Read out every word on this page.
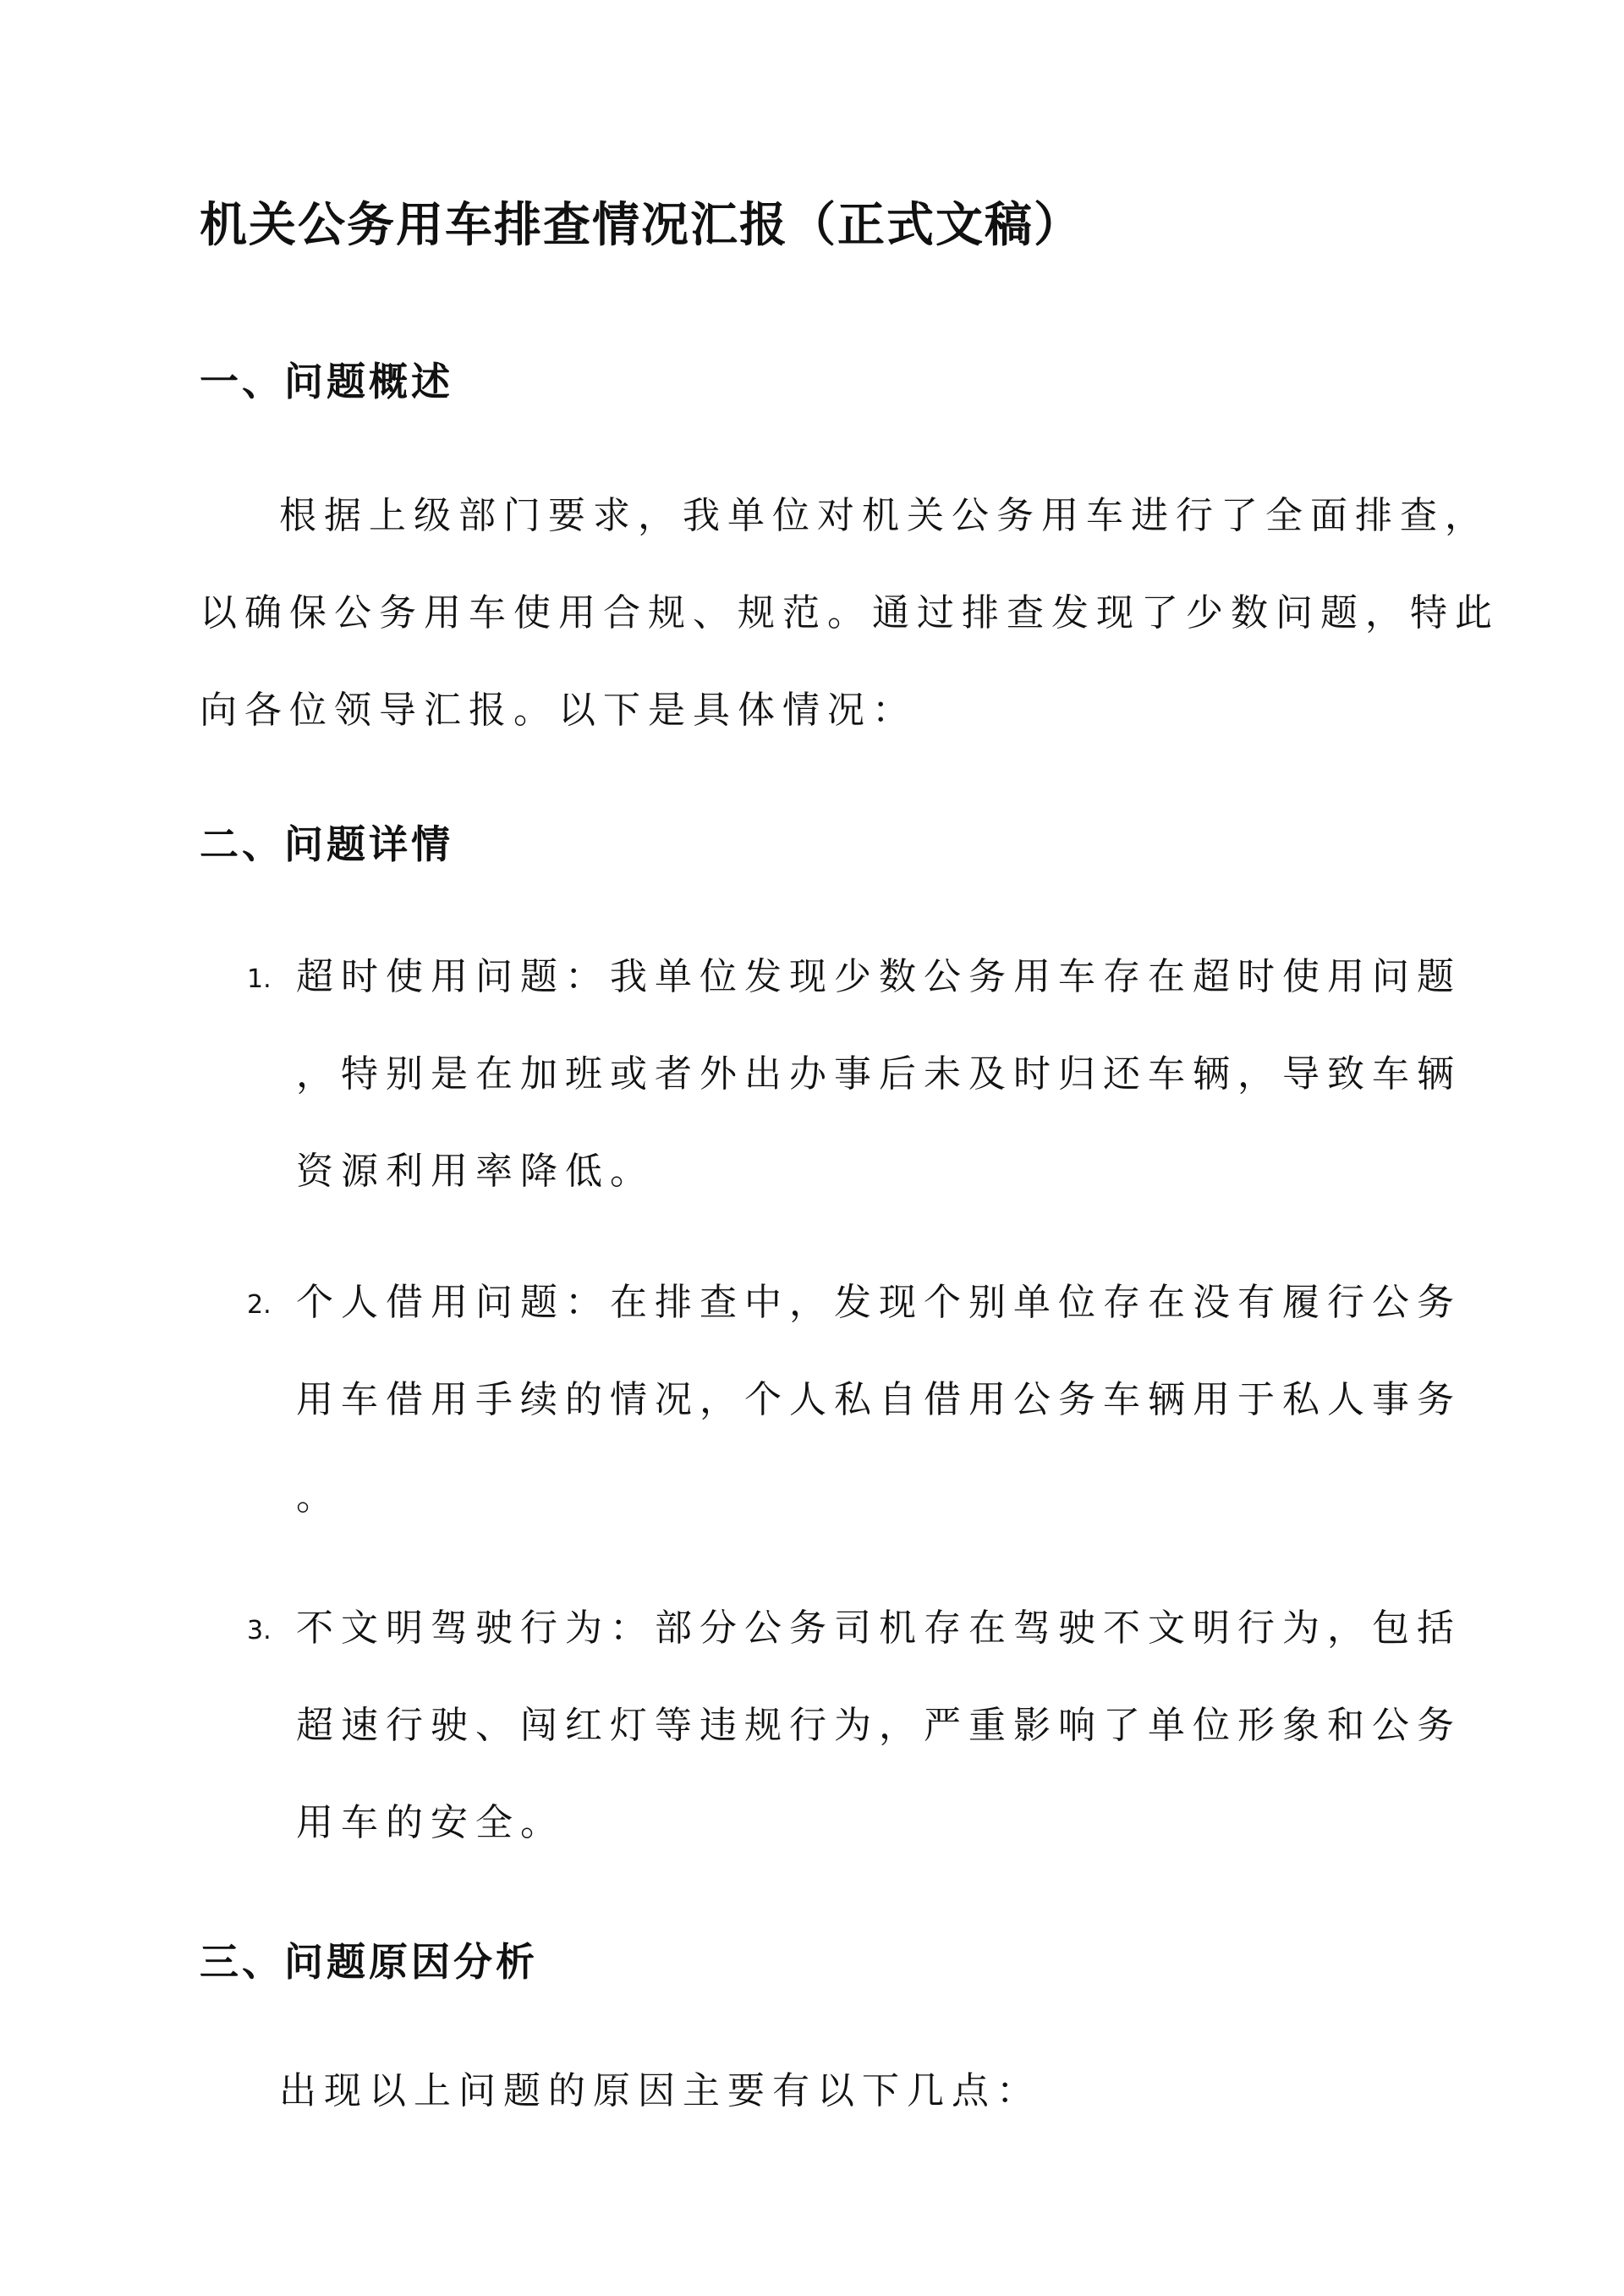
机关公务用车排查情况汇报（正式文稿）
一、问题概述
根据上级部门要求，我单位对机关公务用车进行了全面排查，
以确保公务用车使用合规、规范。通过排查发现了少数问题，特此
向各位领导汇报。以下是具体情况：
二、问题详情
1. 超时使用问题：我单位发现少数公务用车存在超时使用问题
，特别是在加班或者外出办事后未及时归还车辆，导致车辆
资源利用率降低。
2. 个人借用问题：在排查中，发现个别单位存在没有履行公务
用车借用手续的情况，个人私自借用公务车辆用于私人事务
。
3. 不文明驾驶行为：部分公务司机存在驾驶不文明行为，包括
超速行驶、闯红灯等违规行为，严重影响了单位形象和公务
用车的安全。
三、问题原因分析
出现以上问题的原因主要有以下几点：
